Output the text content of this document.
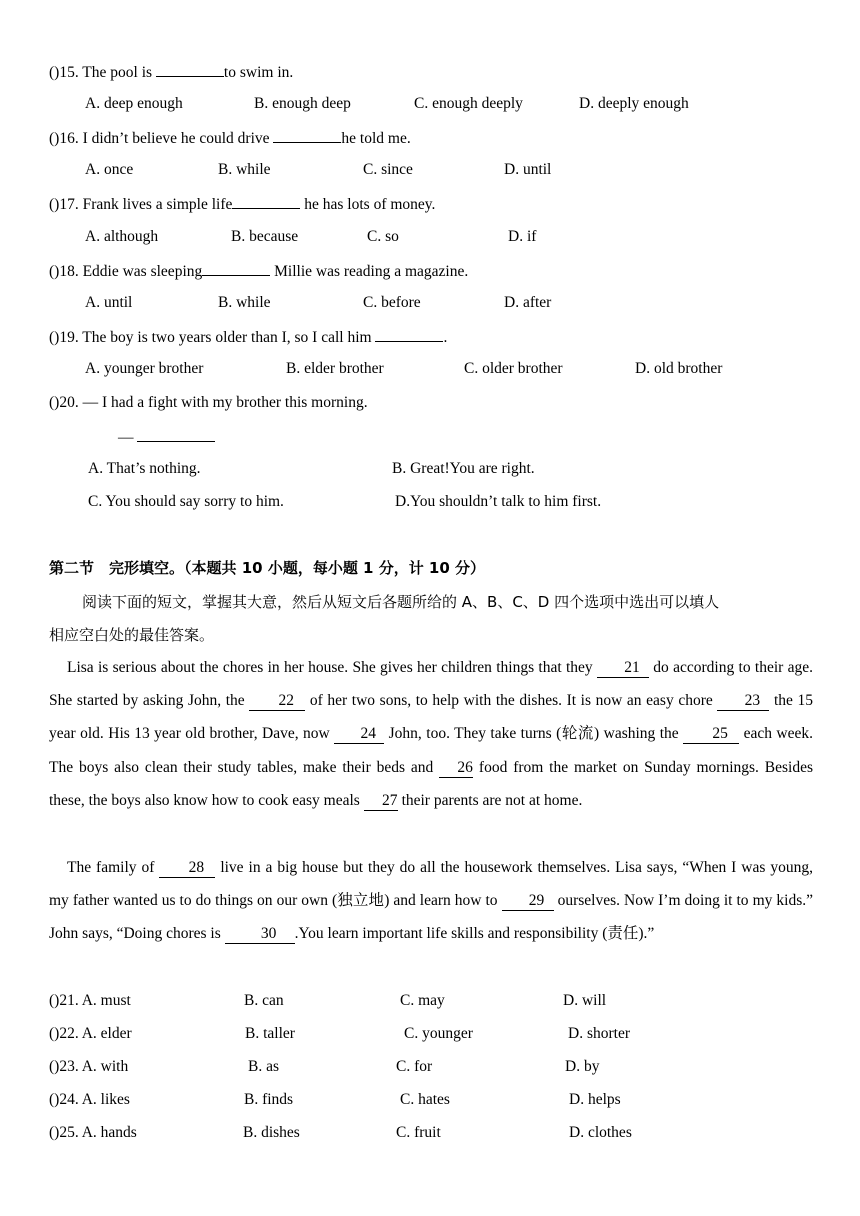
()15. The pool is	to swim in.
A. deep enough	B. enough deep	C. enough deeply	D. deeply enough
()16. I didn’t believe he could drive	he told me.
A. once	B. while	C. since	D. until
()17. Frank lives a simple life	he has lots of money.
A. although	B. because	C. so	D. if
()18. Eddie was sleeping	Millie was reading a magazine.
A. until	B. while	C. before	D. after
()19. The boy is two years older than I, so I call him	.
A. younger brother	B. elder brother	C. older brother	D. old brother
()20. — I had a fight with my brother this morning.
—
A. That’s nothing.	B. Great!You are right.
C. You should say sorry to him.	D.You shouldn’t talk to him first.
第二节　完形填空。（本题共 10 小题，每小题 1 分，计 10 分）
阅读下面的短文，掌握其大意，然后从短文后各题所给的 A、B、C、D 四个选项中选出可以填人
相应空白处的最佳答案。
Lisa is serious about the chores in her house. She gives her children things that they 21 do according to their age. She started by asking John, the 22 of her two sons, to help with the dishes. It is now an easy chore 23 the 15 year old. His 13 year old brother, Dave, now 24 John, too. They take turns (轮流) washing the 25 each week. The boys also clean their study tables, make their beds and 26 food from the market on Sunday mornings. Besides these, the boys also know how to cook easy meals 27 their parents are not at home.
The family of 28 live in a big house but they do all the housework themselves. Lisa says, “When I was young, my father wanted us to do things on our own (独立地) and learn how to 29 ourselves. Now I’m doing it to my kids.” John says, “Doing chores is 30 .You learn important life skills and responsibility (责任).”
()21. A. must	B. can	C. may	D. will
()22. A. elder	B. taller	C. younger	D. shorter
()23. A. with	B. as	C. for	D. by
()24. A. likes	B. finds	C. hates	D. helps
()25. A. hands	B. dishes	C. fruit	D. clothes
